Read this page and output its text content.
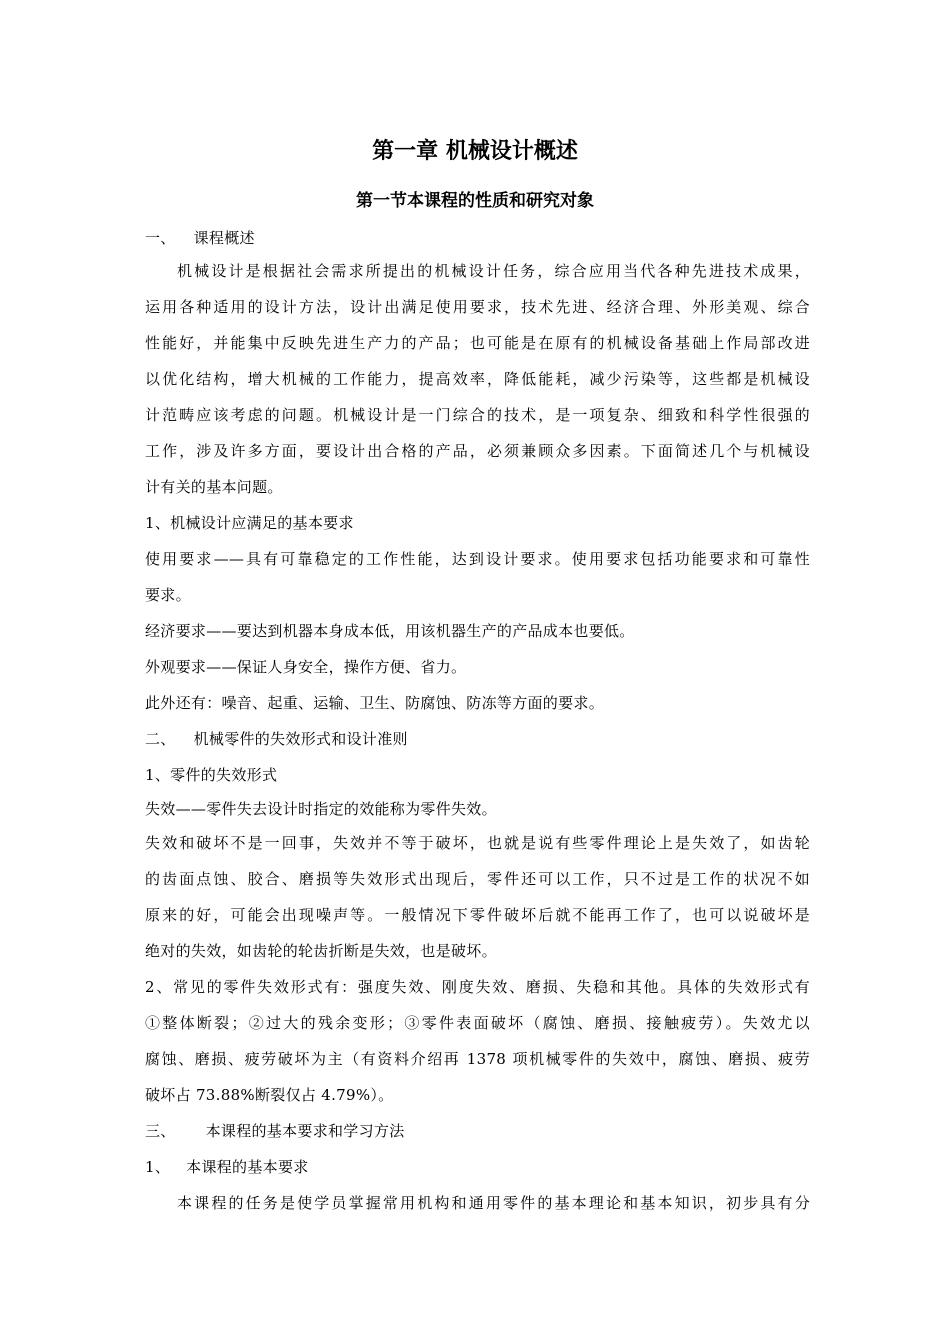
第一章 机械设计概述
第一节本课程的性质和研究对象
一、 课程概述
机械设计是根据社会需求所提出的机械设计任务，综合应用当代各种先进技术成果，
运用各种适用的设计方法，设计出满足使用要求，技术先进、经济合理、外形美观、综合
性能好，并能集中反映先进生产力的产品；也可能是在原有的机械设备基础上作局部改进
以优化结构，增大机械的工作能力，提高效率，降低能耗，减少污染等，这些都是机械设
计范畴应该考虑的问题。机械设计是一门综合的技术，是一项复杂、细致和科学性很强的
工作，涉及许多方面，要设计出合格的产品，必须兼顾众多因素。下面简述几个与机械设
计有关的基本问题。
1、机械设计应满足的基本要求
使用要求——具有可靠稳定的工作性能，达到设计要求。使用要求包括功能要求和可靠性
要求。
经济要求——要达到机器本身成本低，用该机器生产的产品成本也要低。
外观要求——保证人身安全，操作方便、省力。
此外还有：噪音、起重、运输、卫生、防腐蚀、防冻等方面的要求。
二、 机械零件的失效形式和设计准则
1、零件的失效形式
失效——零件失去设计时指定的效能称为零件失效。
失效和破坏不是一回事，失效并不等于破坏，也就是说有些零件理论上是失效了，如齿轮
的齿面点蚀、胶合、磨损等失效形式出现后，零件还可以工作，只不过是工作的状况不如
原来的好，可能会出现噪声等。一般情况下零件破坏后就不能再工作了，也可以说破坏是
绝对的失效，如齿轮的轮齿折断是失效，也是破坏。
2、常见的零件失效形式有：强度失效、刚度失效、磨损、失稳和其他。具体的失效形式有
①整体断裂；②过大的残余变形；③零件表面破坏（腐蚀、磨损、接触疲劳）。失效尤以
腐蚀、磨损、疲劳破坏为主（有资料介绍再 1378 项机械零件的失效中，腐蚀、磨损、疲劳
破坏占 73.88%断裂仅占 4.79%）。
三、 本课程的基本要求和学习方法
1、 本课程的基本要求
本课程的任务是使学员掌握常用机构和通用零件的基本理论和基本知识，初步具有分
